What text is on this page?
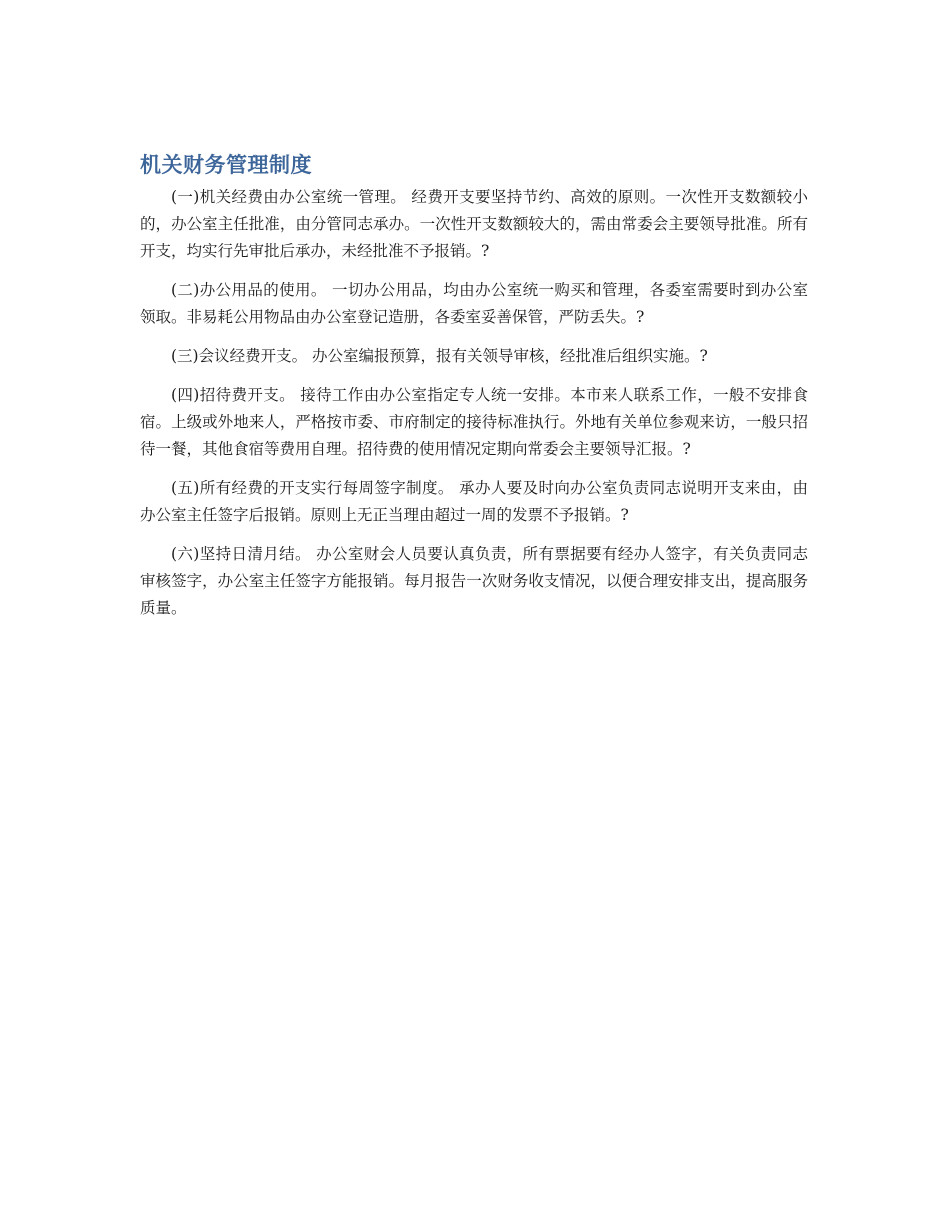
机关财务管理制度

(一)机关经费由办公室统一管理。 经费开支要坚持节约、高效的原则。一次性开支数额较小的，办公室主任批准，由分管同志承办。一次性开支数额较大的，需由常委会主要领导批准。所有开支，均实行先审批后承办，未经批准不予报销。?

(二)办公用品的使用。 一切办公用品，均由办公室统一购买和管理，各委室需要时到办公室领取。非易耗公用物品由办公室登记造册，各委室妥善保管，严防丢失。?

(三)会议经费开支。 办公室编报预算，报有关领导审核，经批准后组织实施。?

(四)招待费开支。 接待工作由办公室指定专人统一安排。本市来人联系工作，一般不安排食宿。上级或外地来人，严格按市委、市府制定的接待标准执行。外地有关单位参观来访，一般只招待一餐，其他食宿等费用自理。招待费的使用情况定期向常委会主要领导汇报。?

(五)所有经费的开支实行每周签字制度。 承办人要及时向办公室负责同志说明开支来由，由办公室主任签字后报销。原则上无正当理由超过一周的发票不予报销。?

(六)坚持日清月结。 办公室财会人员要认真负责，所有票据要有经办人签字，有关负责同志审核签字，办公室主任签字方能报销。每月报告一次财务收支情况，以便合理安排支出，提高服务质量。
